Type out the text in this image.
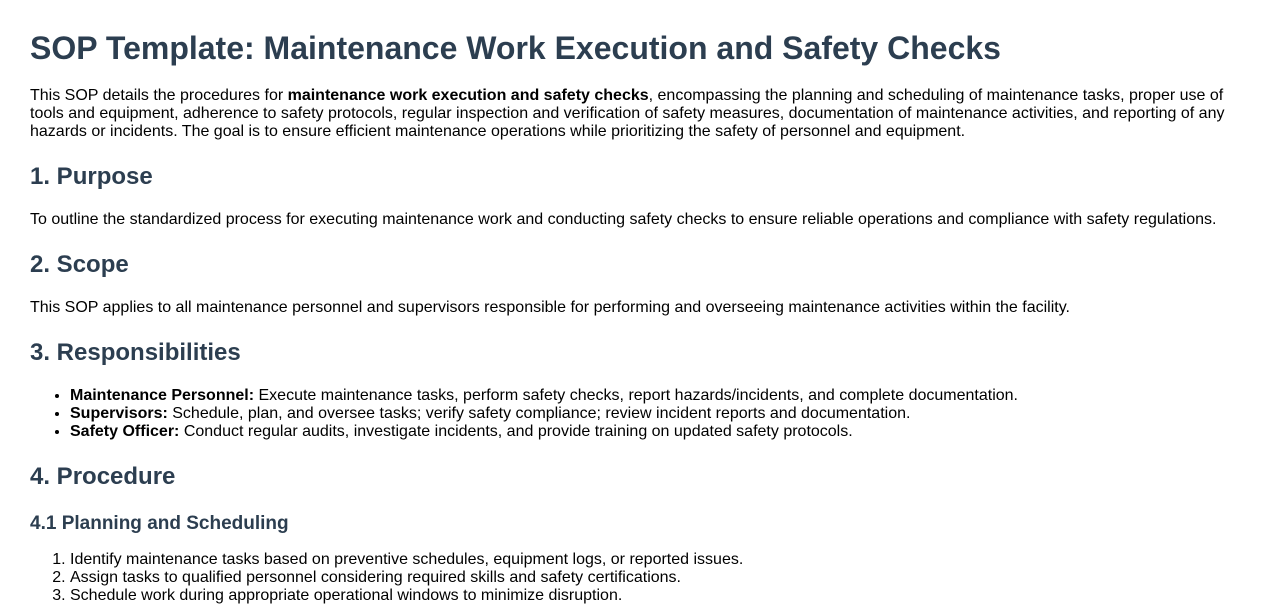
SOP Template: Maintenance Work Execution and Safety Checks

This SOP details the procedures for maintenance work execution and safety checks, encompassing the planning and scheduling of maintenance tasks, proper use of tools and equipment, adherence to safety protocols, regular inspection and verification of safety measures, documentation of maintenance activities, and reporting of any hazards or incidents. The goal is to ensure efficient maintenance operations while prioritizing the safety of personnel and equipment.

1. Purpose

To outline the standardized process for executing maintenance work and conducting safety checks to ensure reliable operations and compliance with safety regulations.

2. Scope

This SOP applies to all maintenance personnel and supervisors responsible for performing and overseeing maintenance activities within the facility.

3. Responsibilities
• Maintenance Personnel: Execute maintenance tasks, perform safety checks, report hazards/incidents, and complete documentation.
• Supervisors: Schedule, plan, and oversee tasks; verify safety compliance; review incident reports and documentation.
• Safety Officer: Conduct regular audits, investigate incidents, and provide training on updated safety protocols.
4. Procedure
4.1 Planning and Scheduling
1. Identify maintenance tasks based on preventive schedules, equipment logs, or reported issues.
2. Assign tasks to qualified personnel considering required skills and safety certifications.
3. Schedule work during appropriate operational windows to minimize disruption.
